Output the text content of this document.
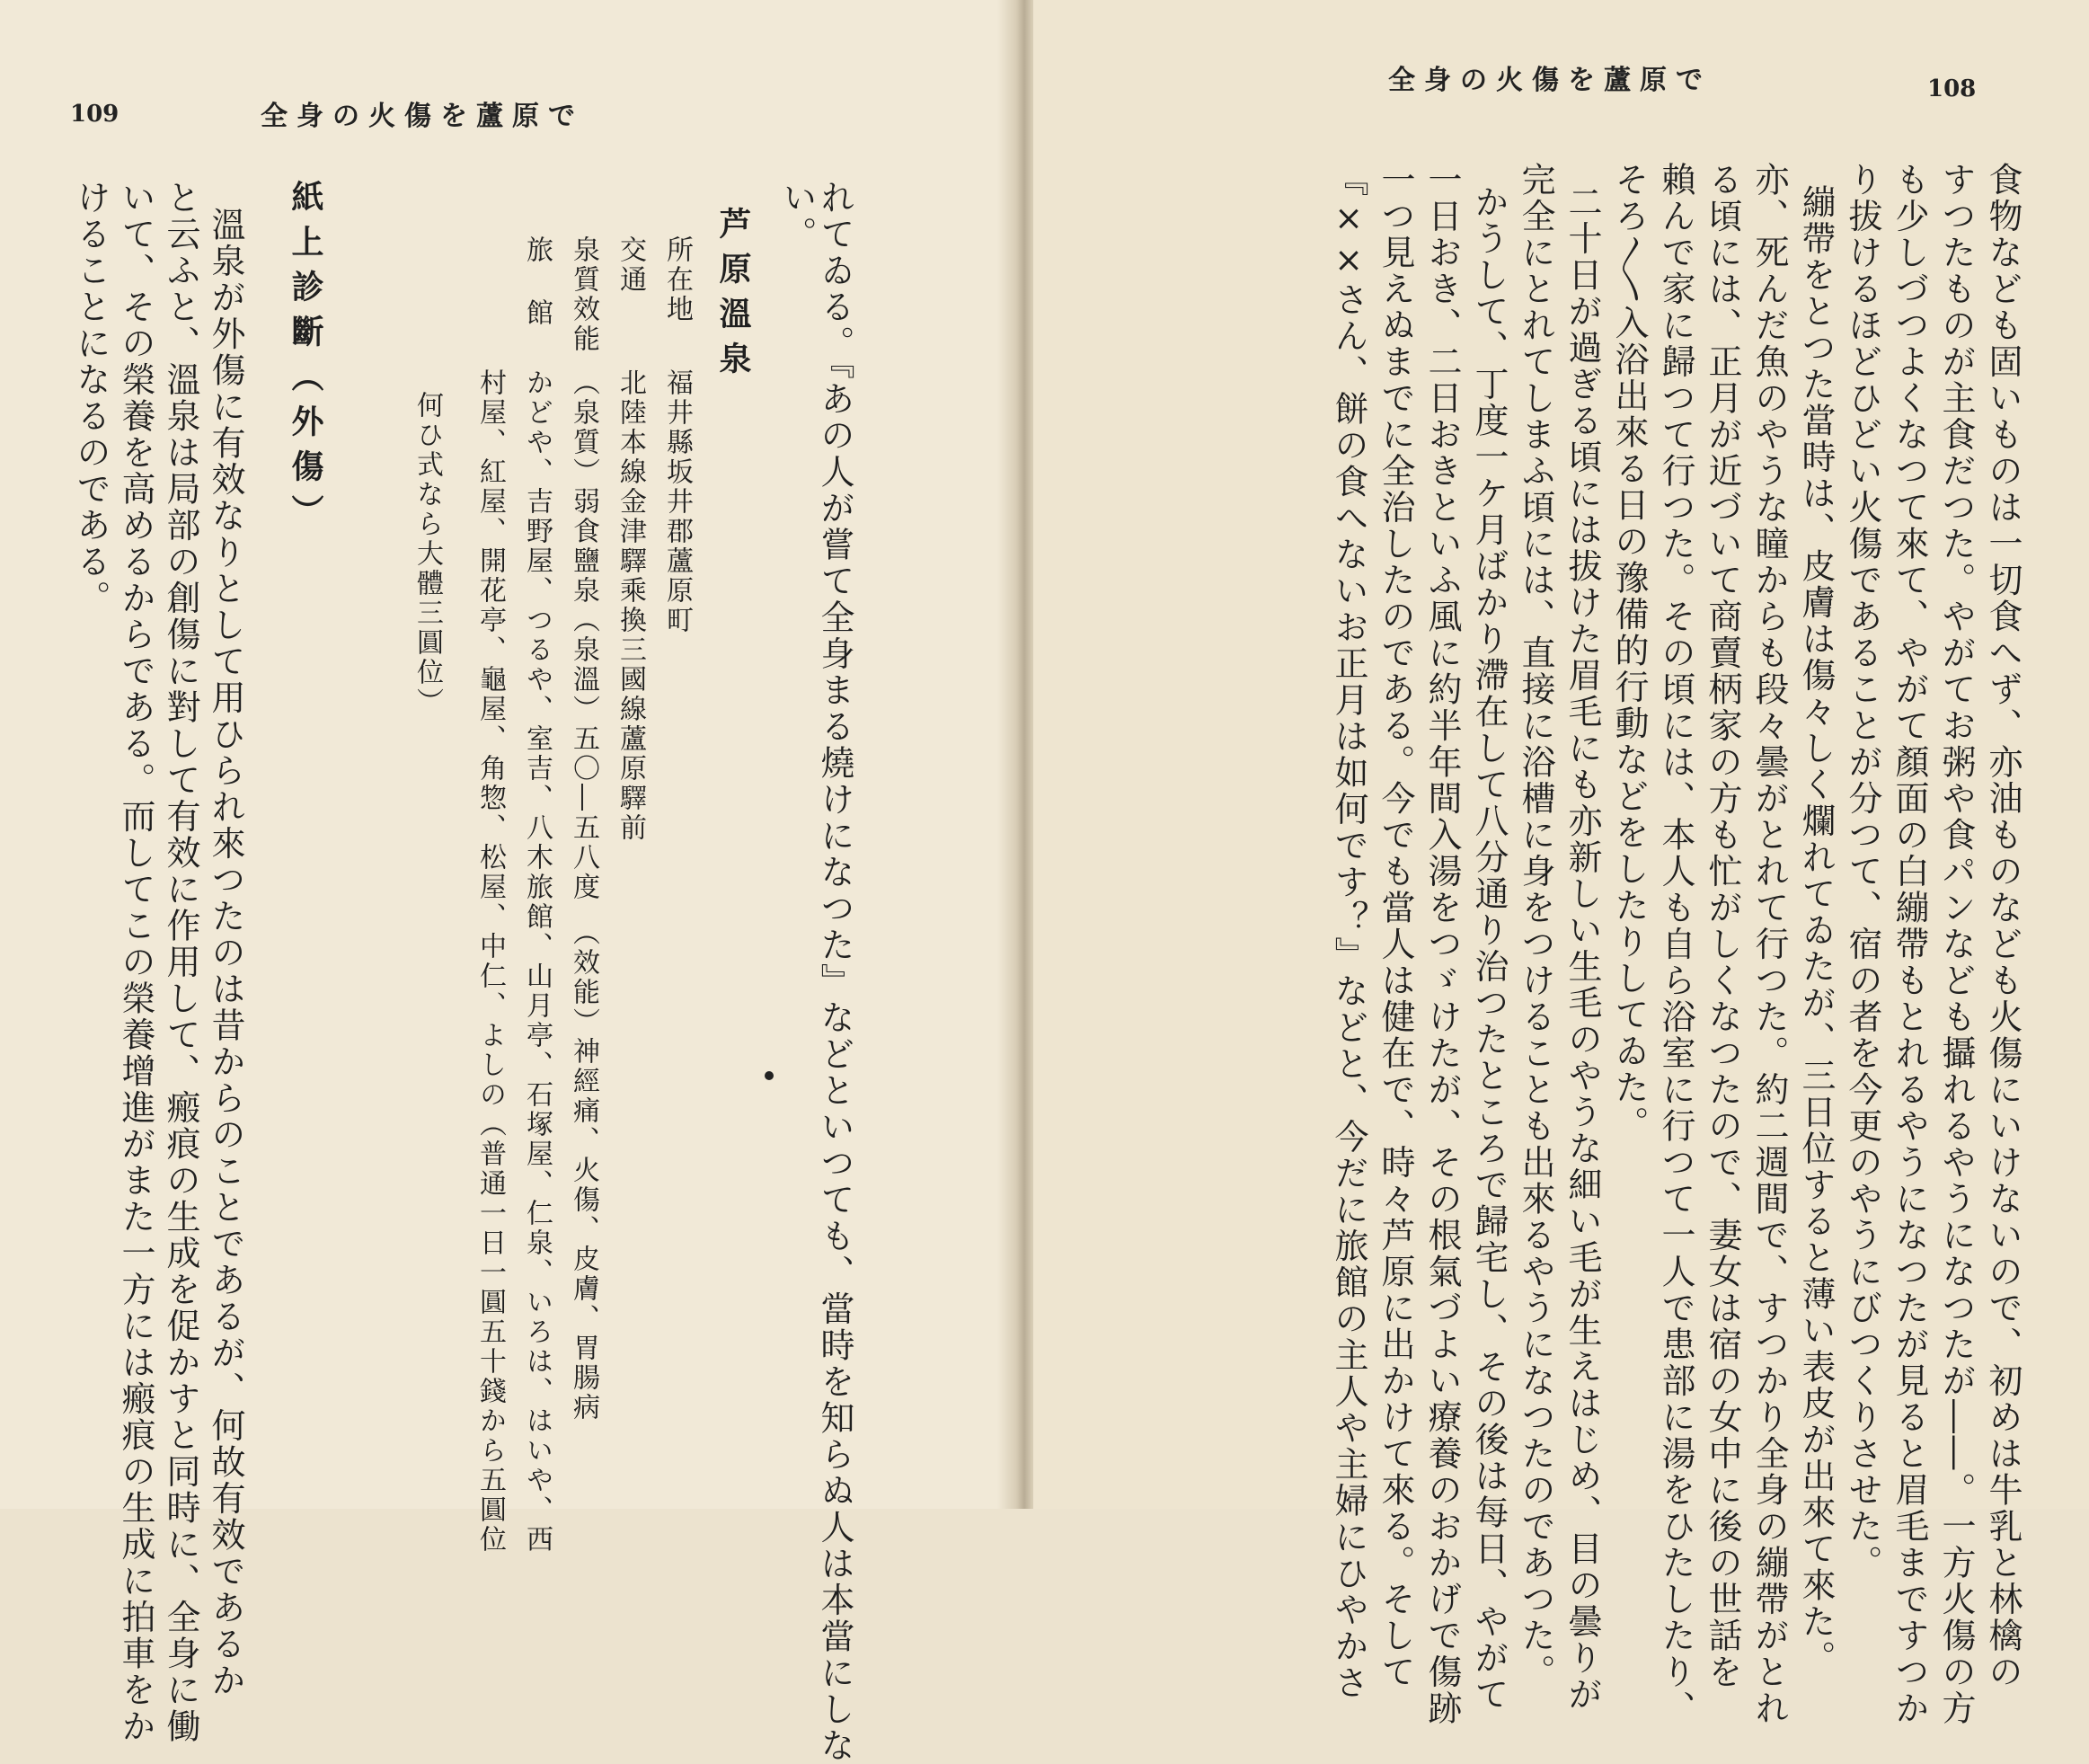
109	全身の火傷を蘆原で
れてゐる。『あの人が嘗て全身まる燒けになつた』などといつても、當時を知らぬ人は本當にしな
い。
芦原溫泉
所在地
福井縣坂井郡蘆原町
交通
北陸本線金津驛乘換三國線蘆原驛前
泉質效能
（泉質）弱食鹽泉（泉溫）五〇―五八度　（效能）神經痛、火傷、皮膚、胃腸病
旅館
かどや、吉野屋、つるや、室吉、八木旅館、山月亭、石塚屋、仁泉、いろは、はいや、西
村屋、紅屋、開花亭、龜屋、角惣、松屋、中仁、よしの（普通一日一圓五十錢から五圓位
何ひ式なら大體三圓位）
紙上診斷（外傷）
溫泉が外傷に有效なりとして用ひられ來つたのは昔からのことであるが、何故有效であるか
と云ふと、溫泉は局部の創傷に對して有效に作用して、瘢痕の生成を促かすと同時に、全身に働
いて、その榮養を高めるからである。而してこの榮養增進がまた一方には瘢痕の生成に拍車をか
けることになるのである。
108
全身の火傷を蘆原で
食物なども固いものは一切食へず、亦油ものなども火傷にいけないので、初めは牛乳と林檎の
すつたものが主食だつた。やがてお粥や食パンなども攝れるやうになつたが――。一方火傷の方
も少しづつよくなつて來て、やがて顏面の白繃帶もとれるやうになつたが見ると眉毛まですつか
り拔けるほどひどい火傷であることが分つて、宿の者を今更のやうにびつくりさせた。
繃帶をとつた當時は、皮膚は傷々しく爛れてゐたが、三日位すると薄い表皮が出來て來た。
亦、死んだ魚のやうな瞳からも段々曇がとれて行つた。約二週間で、すつかり全身の繃帶がとれ
る頃には、正月が近づいて商賣柄家の方も忙がしくなつたので、妻女は宿の女中に後の世話を
賴んで家に歸つて行つた。その頃には、本人も自ら浴室に行つて一人で患部に湯をひたしたり、
そろ〳〵入浴出來る日の豫備的行動などをしたりしてゐた。
二十日が過ぎる頃には拔けた眉毛にも亦新しい生毛のやうな細い毛が生えはじめ、目の曇りが
完全にとれてしまふ頃には、直接に浴槽に身をつけることも出來るやうになつたのであつた。
かうして、丁度一ケ月ばかり滯在して八分通り治つたところで歸宅し、その後は每日、やがて
一日おき、二日おきといふ風に約半年間入湯をつゞけたが、その根氣づよい療養のおかげで傷跡
一つ見えぬまでに全治したのである。今でも當人は健在で、時々芦原に出かけて來る。そして
『××さん、餅の食へないお正月は如何です？』などと、今だに旅館の主人や主婦にひやかさ
